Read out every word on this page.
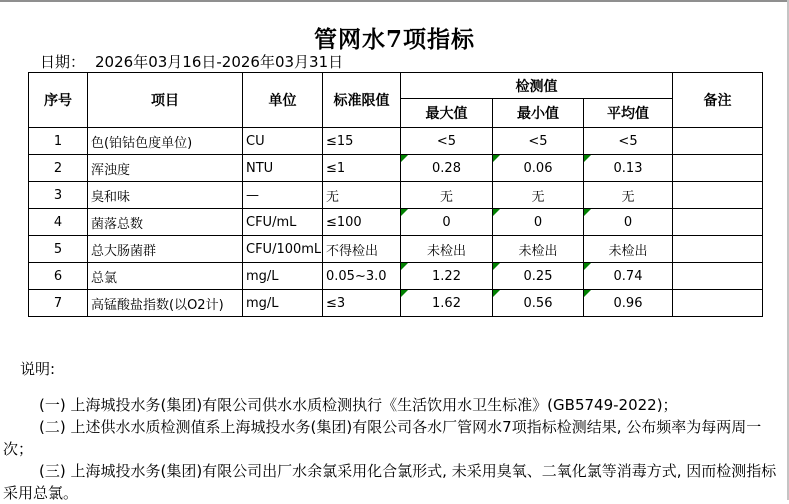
管网水7项指标
日期： 2026年03月16日-2026年03月31日
序号	项目	单位	标准限值	检测值			备注
				最大值	最小值	平均值	
1	色(铂钴色度单位)	CU	≤15	<5	<5	<5	
2	浑浊度	NTU	≤1	0.28	0.06	0.13	
3	臭和味	—	无	无	无	无	
4	菌落总数	CFU/mL	≤100	0	0	0	
5	总大肠菌群	CFU/100mL	不得检出	未检出	未检出	未检出	
6	总氯	mg/L	0.05~3.0	1.22	0.25	0.74	
7	高锰酸盐指数(以O2计)	mg/L	≤3	1.62	0.56	0.96	
说明:

(一) 上海城投水务(集团)有限公司供水水质检测执行《生活饮用水卫生标准》(GB5749-2022)；

(二) 上述供水水质检测值系上海城投水务(集团)有限公司各水厂管网水7项指标检测结果, 公布频率为每两周一次；

(三) 上海城投水务(集团)有限公司出厂水余氯采用化合氯形式, 未采用臭氧、二氧化氯等消毒方式, 因而检测指标采用总氯。
